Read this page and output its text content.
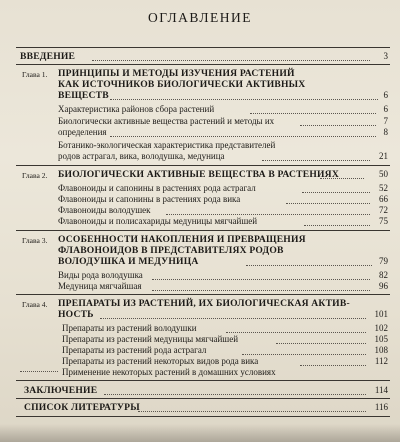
ОГЛАВЛЕНИЕ
ВВЕДЕНИЕ	3
Глава 1. ПРИНЦИПЫ И МЕТОДЫ ИЗУЧЕНИЯ РАСТЕНИЙ
КАК ИСТОЧНИКОВ БИОЛОГИЧЕСКИ АКТИВНЫХ
ВЕЩЕСТВ	6
Характеристика районов сбора растений	6
Биологически активные вещества растений и методы их	7
определения	8
Ботанико-экологическая характеристика представителей
родов астрагал, вика, володушка, медуница	21
Глава 2. БИОЛОГИЧЕСКИ АКТИВНЫЕ ВЕЩЕСТВА В РАСТЕНИЯХ	50
Флавоноиды и сапонины в растениях рода астрагал	52
Флавоноиды и сапонины в растениях рода вика	66
Флавоноиды володушек	72
Флавоноиды и полисахариды медуницы мягчайшей	75
Глава 3. ОСОБЕННОСТИ НАКОПЛЕНИЯ И ПРЕВРАЩЕНИЯ
ФЛАВОНОИДОВ В ПРЕДСТАВИТЕЛЯХ РОДОВ
ВОЛОДУШКА И МЕДУНИЦА	79
Виды рода володушка	82
Медуница мягчайшая	96
Глава 4. ПРЕПАРАТЫ ИЗ РАСТЕНИЙ, ИХ БИОЛОГИЧЕСКАЯ АКТИВ-
НОСТЬ	101
Препараты из растений володушки	102
Препараты из растений медуницы мягчайшей	105
Препараты из растений рода астрагал	108
Препараты из растений некоторых видов рода вика	112
Применение некоторых растений в домашних условиях
ЗАКЛЮЧЕНИЕ	114
СПИСОК ЛИТЕРАТУРЫ	116
